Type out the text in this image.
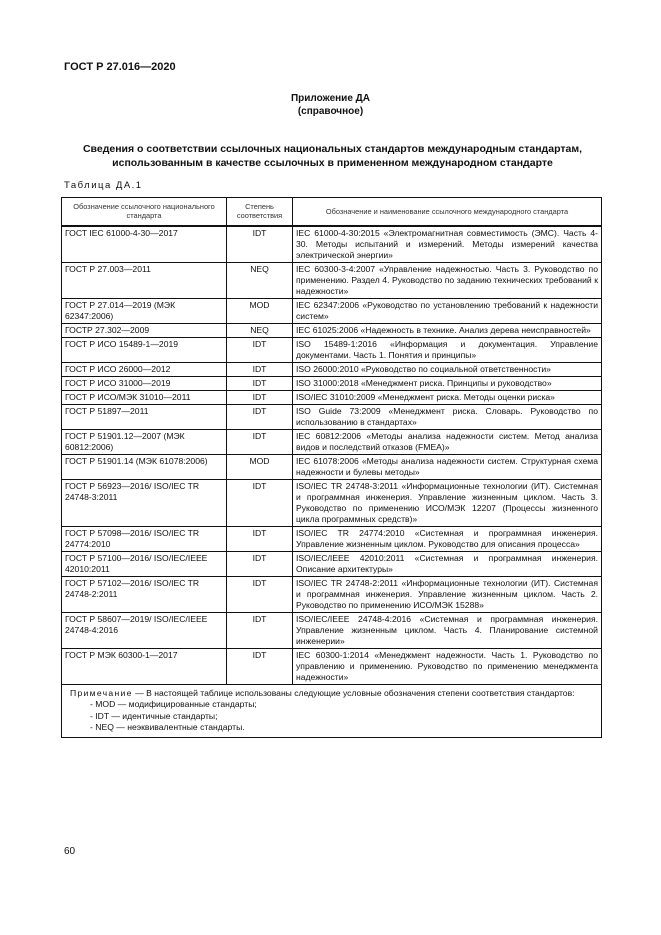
ГОСТ Р 27.016—2020
Приложение ДА
(справочное)
Сведения о соответствии ссылочных национальных стандартов международным стандартам,
использованным в качестве ссылочных в примененном международном стандарте
Таблица ДА.1
Обозначение ссылочного национального стандарта	Степень соответствия	Обозначение и наименование ссылочного международного стандарта
ГОСТ IEC 61000-4-30—2017	IDT	IEC 61000-4-30:2015 «Электромагнитная совместимость (ЭМС). Часть 4-30. Методы испытаний и измерений. Методы измерений качества электрической энергии»
ГОСТ Р 27.003—2011	NEQ	IEC 60300-3-4:2007 «Управление надежностью. Часть 3. Руководство по применению. Раздел 4. Руководство по заданию технических требований к надежности»
ГОСТ Р 27.014—2019 (МЭК 62347:2006)	MOD	IEC 62347:2006 «Руководство по установлению требований к надежности систем»
ГОСТР 27.302—2009	NEQ	IEC 61025:2006 «Надежность в технике. Анализ дерева неисправностей»
ГОСТ Р ИСО 15489-1—2019	IDT	ISO 15489-1:2016 «Информация и документация. Управление документами. Часть 1. Понятия и принципы»
ГОСТ Р ИСО 26000—2012	IDT	ISO 26000:2010 «Руководство по социальной ответственности»
ГОСТ Р ИСО 31000—2019	IDT	ISO 31000:2018 «Менеджмент риска. Принципы и руководство»
ГОСТ Р ИСО/МЭК 31010—2011	IDT	ISO/IEC 31010:2009 «Менеджмент риска. Методы оценки риска»
ГОСТ Р 51897—2011	IDT	ISO Guide 73:2009 «Менеджмент риска. Словарь. Руководство по использованию в стандартах»
ГОСТ Р 51901.12—2007 (МЭК 60812:2006)	IDT	IEC 60812:2006 «Методы анализа надежности систем. Метод анализа видов и последствий отказов (FMEA)»
ГОСТ Р 51901.14 (МЭК 61078:2006)	MOD	IEC 61078:2006 «Методы анализа надежности систем. Структурная схема надежности и булевы методы»
ГОСТ Р 56923—2016/ ISO/IEC TR 24748-3:2011	IDT	ISO/IEC TR 24748-3:2011 «Информационные технологии (ИТ). Системная и программная инженерия. Управление жизненным циклом. Часть 3. Руководство по применению ИСО/МЭК 12207 (Процессы жизненного цикла программных средств)»
ГОСТ Р 57098—2016/ ISO/IEC TR 24774:2010	IDT	ISO/IEC TR 24774:2010 «Системная и программная инженерия. Управление жизненным циклом. Руководство для описания процесса»
ГОСТ Р 57100—2016/ ISO/IEC/IEEE 42010:2011	IDT	ISO/IEC/IEEE 42010:2011 «Системная и программная инженерия. Описание архитектуры»
ГОСТ Р 57102—2016/ ISO/IEC TR 24748-2:2011	IDT	ISO/IEC TR 24748-2:2011 «Информационные технологии (ИТ). Системная и программная инженерия. Управление жизненным циклом. Часть 2. Руководство по применению ИСО/МЭК 15288»
ГОСТ Р 58607—2019/ ISO/IEC/IEEE 24748-4:2016	IDT	ISO/IEC/IEEE 24748-4:2016 «Системная и программная инженерия. Управление жизненным циклом. Часть 4. Планирование системной инженерии»
ГОСТ Р МЭК 60300-1—2017	IDT	IEC 60300-1:2014 «Менеджмент надежности. Часть 1. Руководство по управлению и применению. Руководство по применению менеджмента надежности»

Примечание — В настоящей таблице использованы следующие условные обозначения степени соответствия стандартов:
- MOD — модифицированные стандарты;
- IDT — идентичные стандарты;
- NEQ — неэквивалентные стандарты.		
60
